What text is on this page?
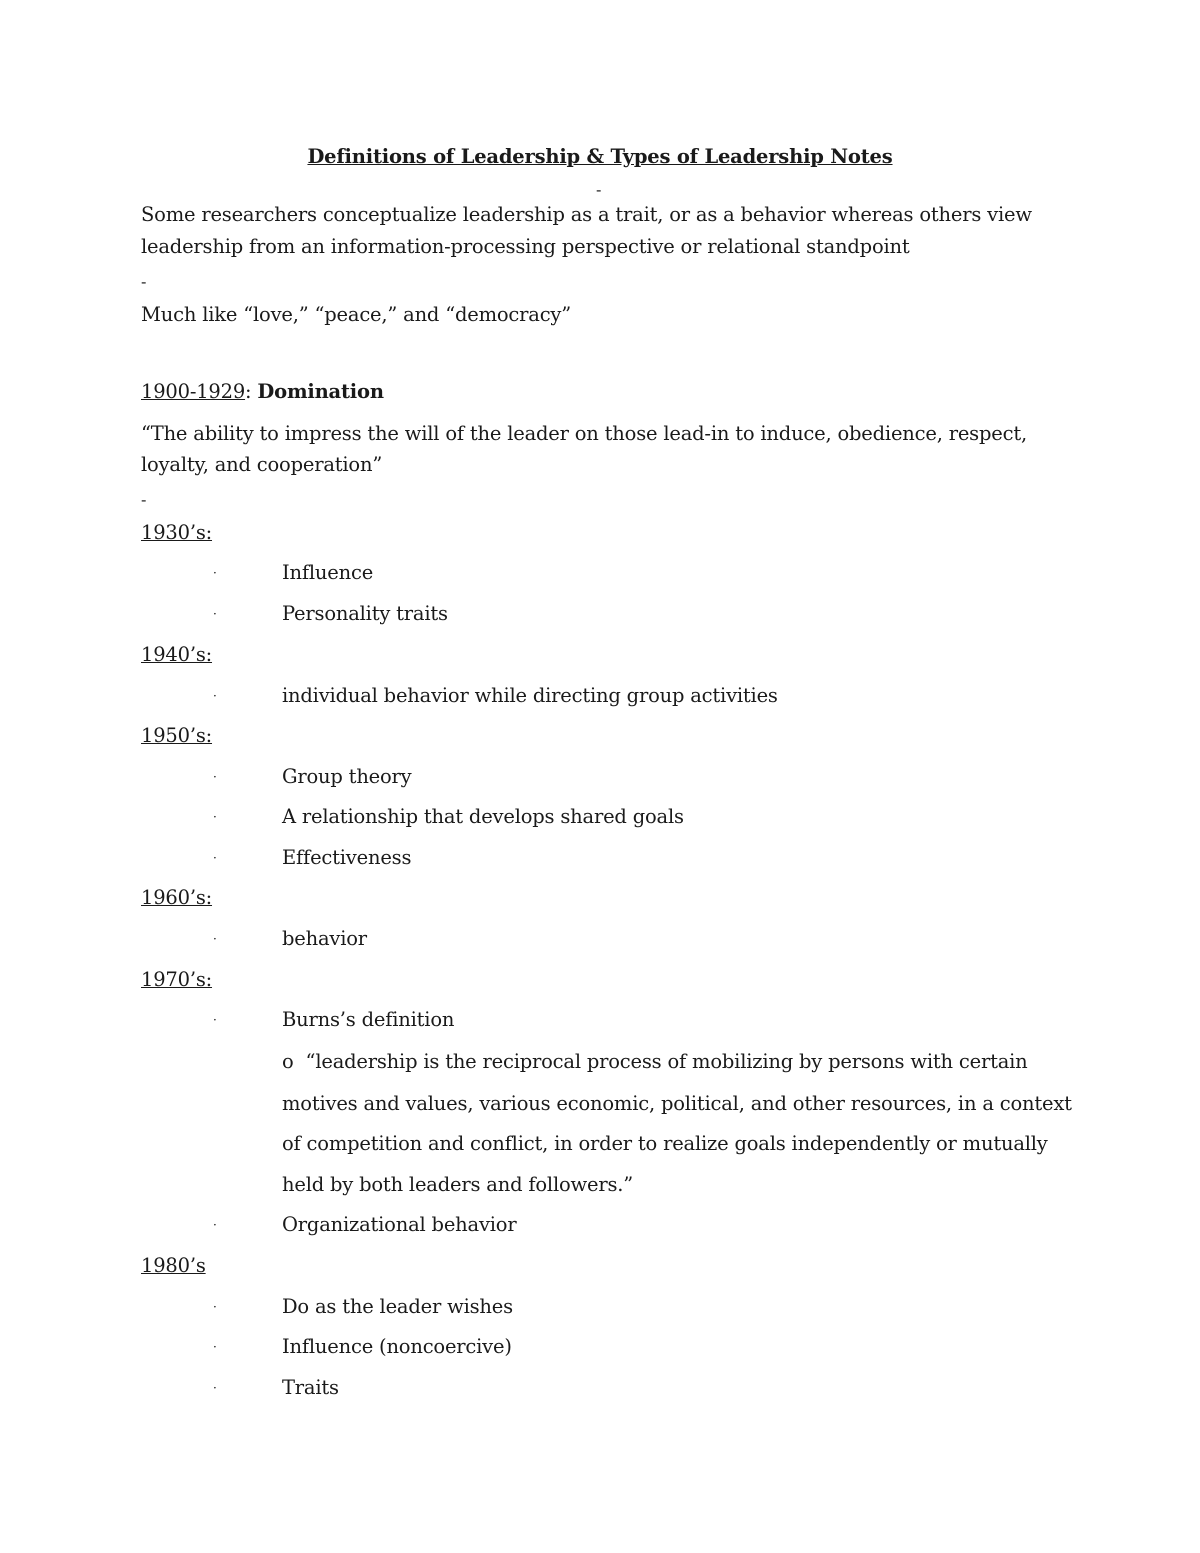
Definitions of Leadership & Types of Leadership Notes
-
Some researchers conceptualize leadership as a trait, or as a behavior whereas others view
leadership from an information-processing perspective or relational standpoint
-
Much like “love,” “peace,” and “democracy”
1900-1929: Domination
“The ability to impress the will of the leader on those lead-in to induce, obedience, respect,
loyalty, and cooperation”
-
1930’s:
·	Influence
·	Personality traits
1940’s:
·	individual behavior while directing group activities
1950’s:
·	Group theory
·	A relationship that develops shared goals
·	Effectiveness
1960’s:
·	behavior
1970’s:
·	Burns’s definition
o “leadership is the reciprocal process of mobilizing by persons with certain
motives and values, various economic, political, and other resources, in a context
of competition and conflict, in order to realize goals independently or mutually
held by both leaders and followers.”
·	Organizational behavior
1980’s
·	Do as the leader wishes
·	Influence (noncoercive)
·	Traits
